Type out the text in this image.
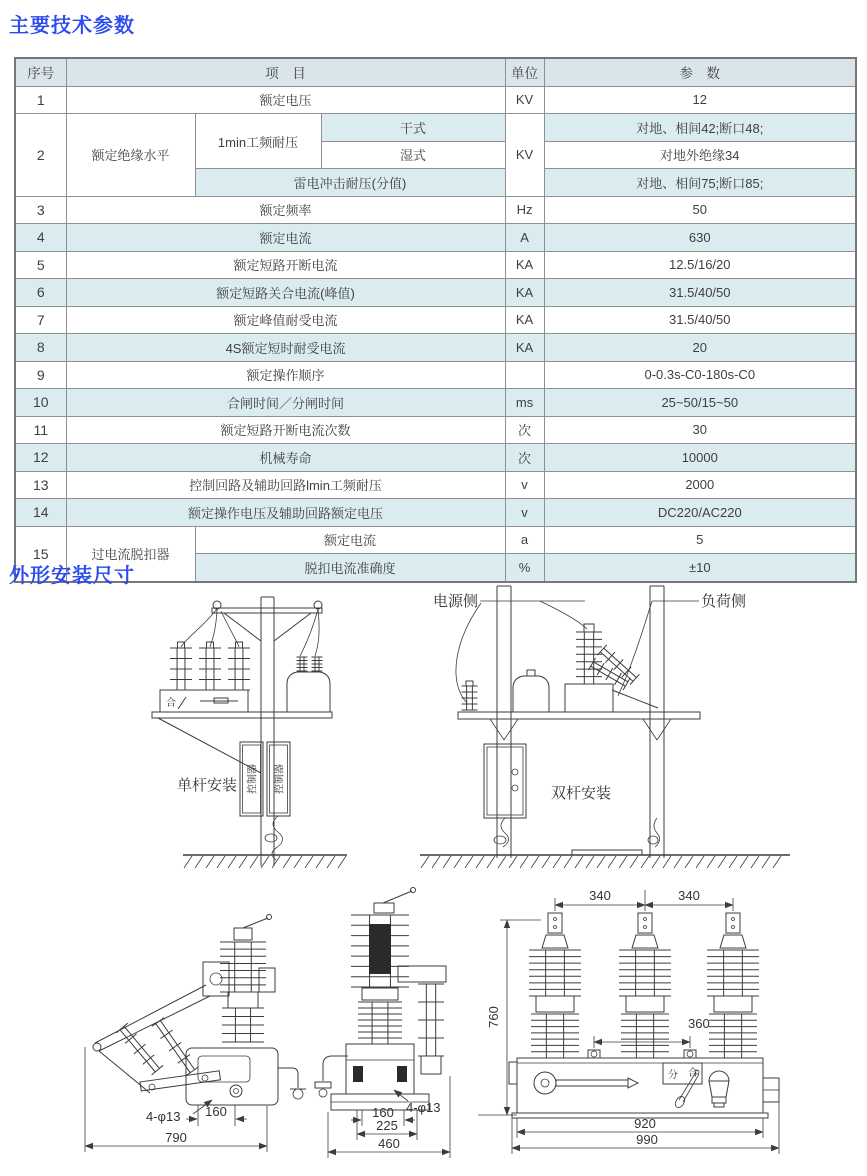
主要技术参数
序号	项　目			单位	参　数
1	额定电压			KV	12
2	额定绝缘水平	1min工频耐压	干式	KV	对地、相间42;断口48;
			湿式		对地外绝缘34
		雷电冲击耐压(分值)			对地、相间75;断口85;
3	额定频率			Hz	50
4	额定电流			A	630
5	额定短路开断电流			KA	12.5/16/20
6	额定短路关合电流(峰值)			KA	31.5/40/50
7	额定峰值耐受电流			KA	31.5/40/50
8	4S额定短时耐受电流			KA	20
9	额定操作顺序				0-0.3s-C0-180s-C0
10	合闸时间／分闸时间			ms	25~50/15~50
11	额定短路开断电流次数			次	30
12	机械寿命			次	10000
13	控制回路及辅助回路lmin工频耐压			v	2000
14	额定操作电压及辅助回路额定电压			v	DC220/AC220
15	过电流脱扣器	额定电流		a	5
		脱扣电流准确度		%	±10
外形安装尺寸
合
控制器 控制器
单杆安装
电源侧	负荷侧
双杆安装
4-φ13 160
790
160 4-φ13
225
460
760
分 合
340	340
360
920
990
